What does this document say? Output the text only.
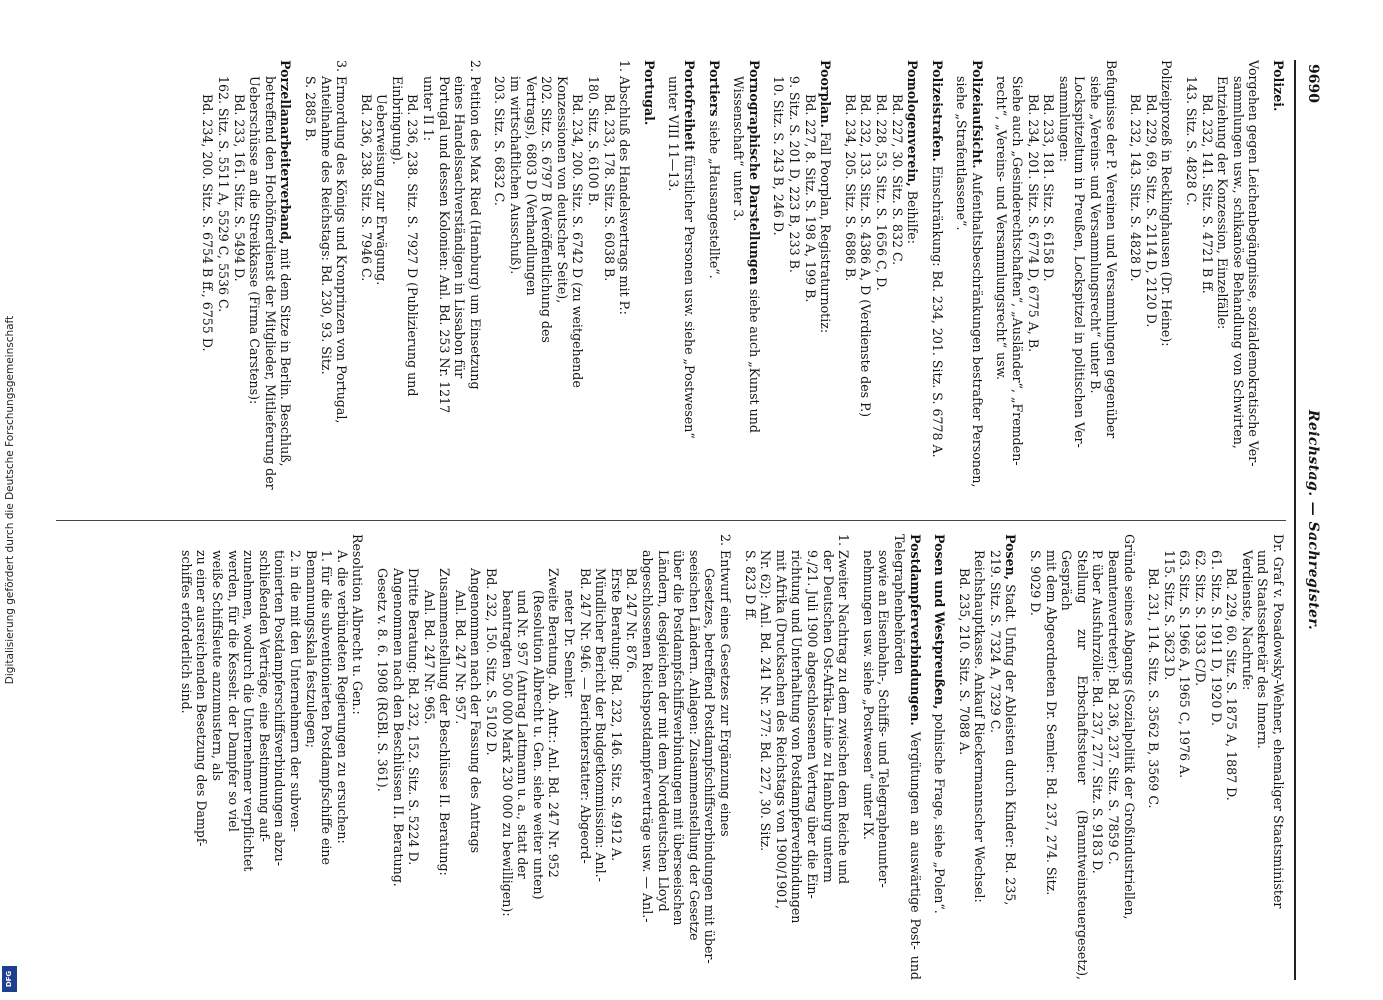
Digitalisierung gefördert durch die Deutsche Forschungsgemeinschaft
DFG
9690
Reichstag. — Sachregister.
Polizei.
Vorgehen gegen Leichenbegängnisse, sozialdemokratische Ver-
sammlungen usw., schikanöse Behandlung von Schwirten,
Entziehung der Konzession, Einzelfälle:
Bd. 232, 141. Sitz. S. 4721 B ff.
143. Sitz. S. 4828 C.
Polizeiprozeß in Recklinghausen (Dr. Heine):
Bd. 229, 69. Sitz. S. 2114 D, 2120 D.
Bd. 232, 143. Sitz. S. 4828 D.
Befugnisse der P. Vereinen und Versammlungen gegenüber
siehe „Vereins- und Versammlungsrecht“ unter B.
Lockspitzeltum in Preußen, Lockspitzel in politischen Ver-
sammlungen:
Bd. 233, 181. Sitz. S. 6158 D.
Bd. 234, 201. Sitz. S. 6774 D, 6775 A, B.
Siehe auch „Gesinderechtschaften“, „Ausländer“, „Fremden-
recht“, „Vereins- und Versammlungsrecht“ usw.
Polizeiaufsicht. Aufenthaltsbeschränkungen bestrafter Personen,
siehe „Strafentlassene“.
Polizeistrafen. Einschränkung: Bd. 234, 201. Sitz. S. 6778 A.
Pomologenverein, Beihilfe:
Bd. 227, 30. Sitz. S. 832 C.
Bd. 228, 53. Sitz. S. 1656 C, D.
Bd. 232, 133. Sitz. S. 4386 A, D (Verdienste des P.)
Bd. 234, 205. Sitz. S. 6886 B.
Poorplan. Fall Poorplan, Registraturnotiz:
Bd. 227, 8. Sitz. S. 198 A, 199 B.
9. Sitz. S. 201 D, 223 B, 233 B.
10. Sitz. S. 243 B, 246 D.
Pornographische Darstellungen siehe auch „Kunst und
Wissenschaft“ unter 3.
Portiers siehe „Hausangestellte“.
Portofreiheit fürstlicher Personen usw. siehe „Postwesen“
unter VIII 11—13.
Portugal.
1. Abschluß des Handelsvertrags mit P.:
Bd. 233, 178. Sitz. S. 6038 B.
180. Sitz. S. 6100 B.
Bd. 234, 200. Sitz. S. 6742 D (zu weitgehende
Konzessionen von deutscher Seite),
202. Sitz. S. 6797 B (Veröffentlichung des
Vertrags), 6803 D (Verhandlungen
im wirtschaftlichen Ausschuß).
203. Sitz. S. 6832 C.
2. Petition des Max Ried (Hamburg) um Einsetzung
eines Handelssachverständigen in Lissabon für
Portugal und dessen Kolonien: Anl. Bd. 253 Nr. 1217
unter II 1:
Bd. 236, 238. Sitz. S. 7927 D (Publizierung und
Einbringung).
Ueberweisung zur Erwägung.
Bd. 236, 238. Sitz. S. 7946 C.
3. Ermordung des Königs und Kronprinzen von Portugal,
Anteilnahme des Reichstags: Bd. 230, 93. Sitz.
S. 2885 B.
Porzellanarbeiterverband, mit dem Sitze in Berlin. Beschluß,
betreffend den Hochöfnerdienst der Mitglieder, Mitlieferung der
Ueberschüsse an die Streikkasse (Firma Carstens):
Bd. 233, 161. Sitz. S. 5494 D.
162. Sitz. S. 5511 A, 5529 C, 5536 C.
Bd. 234, 200. Sitz. S. 6754 B ff., 6755 D.
Dr. Graf v. Posadowsky-Wehner, ehemaliger Staatsminister
und Staatssekretär des Innern.
Verdienste, Nachrufe:
Bd. 229, 60. Sitz. S. 1875 A, 1887 D.
61. Sitz. S. 1911 D, 1920 D.
62. Sitz. S. 1933 C/D.
63. Sitz. S. 1966 A, 1965 C, 1976 A.
115. Sitz. S. 3623 D.
Bd. 231, 114. Sitz. S. 3562 B, 3569 C.
Gründe seines Abgangs (Sozialpolitik der Großindustriellen,
Beamtenvertreter): Bd. 236, 237. Sitz. S. 7859 C.
P. über Ausfuhrzölle: Bd. 237, 277. Sitz. S. 9183 D.
Stellung zur Erbschaftssteuer (Branntweinsteuergesetz), Gespräch
mit dem Abgeordneten Dr. Semler: Bd. 237, 274. Sitz.
S. 9029 D.
Posen, Stadt. Unfug der Ableisten durch Kinder: Bd. 235,
219. Sitz. S. 7324 A, 7329 C.
Reichshauptkasse. Ankauf Rieckermannscher Wechsel:
Bd. 235, 210. Sitz. S. 7088 A.
Posen und Westpreußen, polnische Frage, siehe „Polen“.
Postdampferverbindungen. Vergütungen an auswärtige Post- und Telegraphenbehörden
sowie an Eisenbahn-, Schiffs- und Telegraphenunter-
nehmungen usw. siehe „Postwesen“ unter IX.
1. Zweiter Nachtrag zu dem zwischen dem Reiche und
der Deutschen Ost-Afrika-Linie zu Hamburg unterm
9./21. Juli 1900 abgeschlossenen Vertrag über die Ein-
richtung und Unterhaltung von Postdampferverbindungen
mit Afrika (Drucksachen des Reichstags von 1900/1901,
Nr. 62): Anl. Bd. 241 Nr. 277: Bd. 227, 30. Sitz.
S. 823 D ff.
2. Entwurf eines Gesetzes zur Ergänzung eines
Gesetzes, betreffend Postdampfschiffsverbindungen mit über-
seeischen Ländern. Anlagen: Zusammenstellung der Gesetze
über die Postdampfschiffsverbindungen mit überseeischen
Ländern, desgleichen der mit dem Norddeutschen Lloyd
abgeschlossenen Reichspostdampferverträge usw. — Anl.-
Bd. 247 Nr. 876.
Erste Beratung: Bd. 232, 146. Sitz. S. 4912 A.
Mündlicher Bericht der Budgetkommission: Anl.-
Bd. 247 Nr. 946. — Berichterstatter: Abgeord-
neter Dr. Semler.
Zweite Beratung. Ab. Antr.: Anl. Bd. 247 Nr. 952
(Resolution Albrecht u. Gen. siehe weiter unten)
und Nr. 957 (Antrag Lattmann u. a., statt der
beantragten 500 000 Mark 230 000 zu bewilligen):
Bd. 232, 150. Sitz. S. 5102 D.
Angenommen nach der Fassung des Antrags
Anl. Bd. 247 Nr. 957.
Zusammenstellung der Beschlüsse II. Beratung:
Anl. Bd. 247 Nr. 965.
Dritte Beratung: Bd. 232, 152. Sitz. S. 5224 D.
Angenommen nach den Beschlüssen II. Beratung.
Gesetz v. 8. 6. 1908 (RGBl. S. 361).
Resolution Albrecht u. Gen.:
A. die verbündeten Regierungen zu ersuchen:
1. für die subventionierten Postdampfschiffe eine
Bemannungsskala festzulegen;
2. in die mit den Unternehmern der subven-
tionierten Postdampferschiffsverbindungen abzu-
schließenden Verträge, eine Bestimmung auf-
zunehmen, wodurch die Unternehmer verpflichtet
werden, für die Kesselr. der Dampfer so viel
weiße Schiffsleute anzumustern, als
zu einer ausreichenden Besetzung des Dampf-
schiffes erforderlich sind.
